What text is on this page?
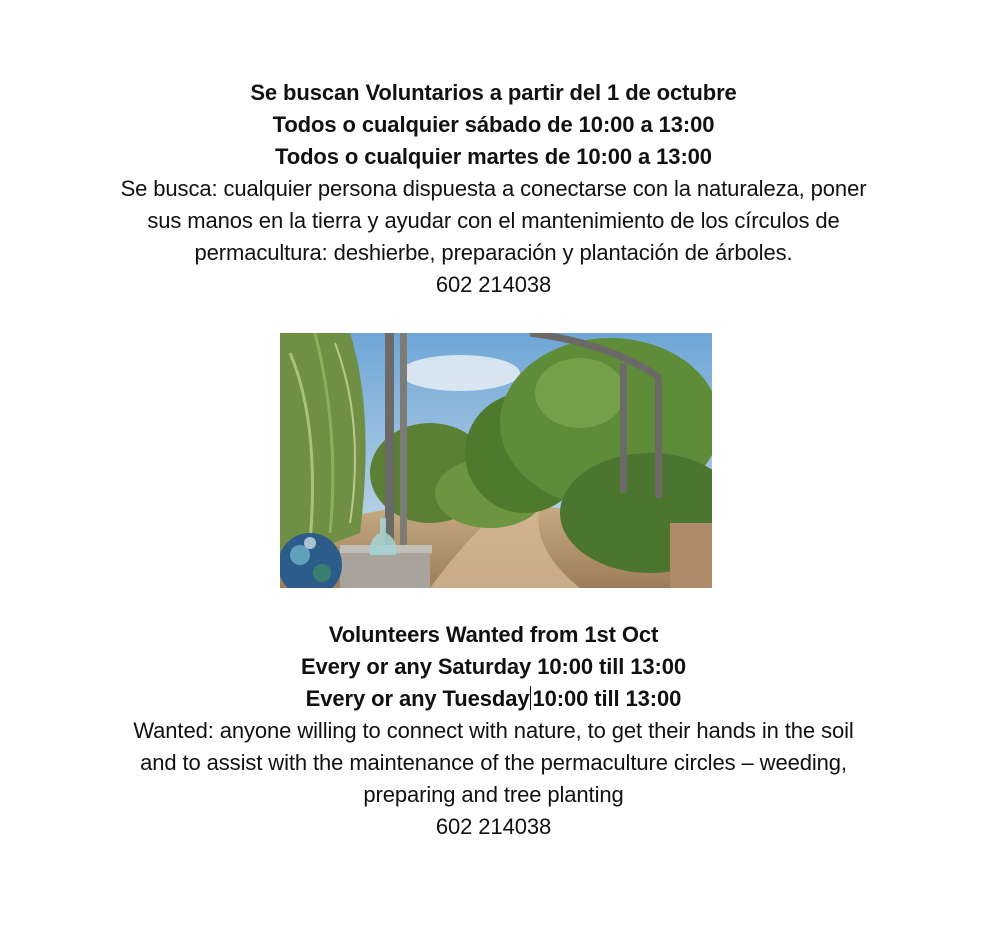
Se buscan Voluntarios a partir del 1 de octubre
Todos o cualquier sábado de 10:00 a 13:00
Todos o cualquier martes de 10:00 a 13:00
Se busca: cualquier persona dispuesta a conectarse con la naturaleza, poner
sus manos en la tierra y ayudar con el mantenimiento de los círculos de
permacultura: deshierbe, preparación y plantación de árboles.
602 214038
Volunteers Wanted from 1st Oct
Every or any Saturday 10:00 till 13:00
Every or any Tuesday 10:00 till 13:00
Wanted: anyone willing to connect with nature, to get their hands in the soil
and to assist with the maintenance of the permaculture circles – weeding,
preparing and tree planting
602 214038
